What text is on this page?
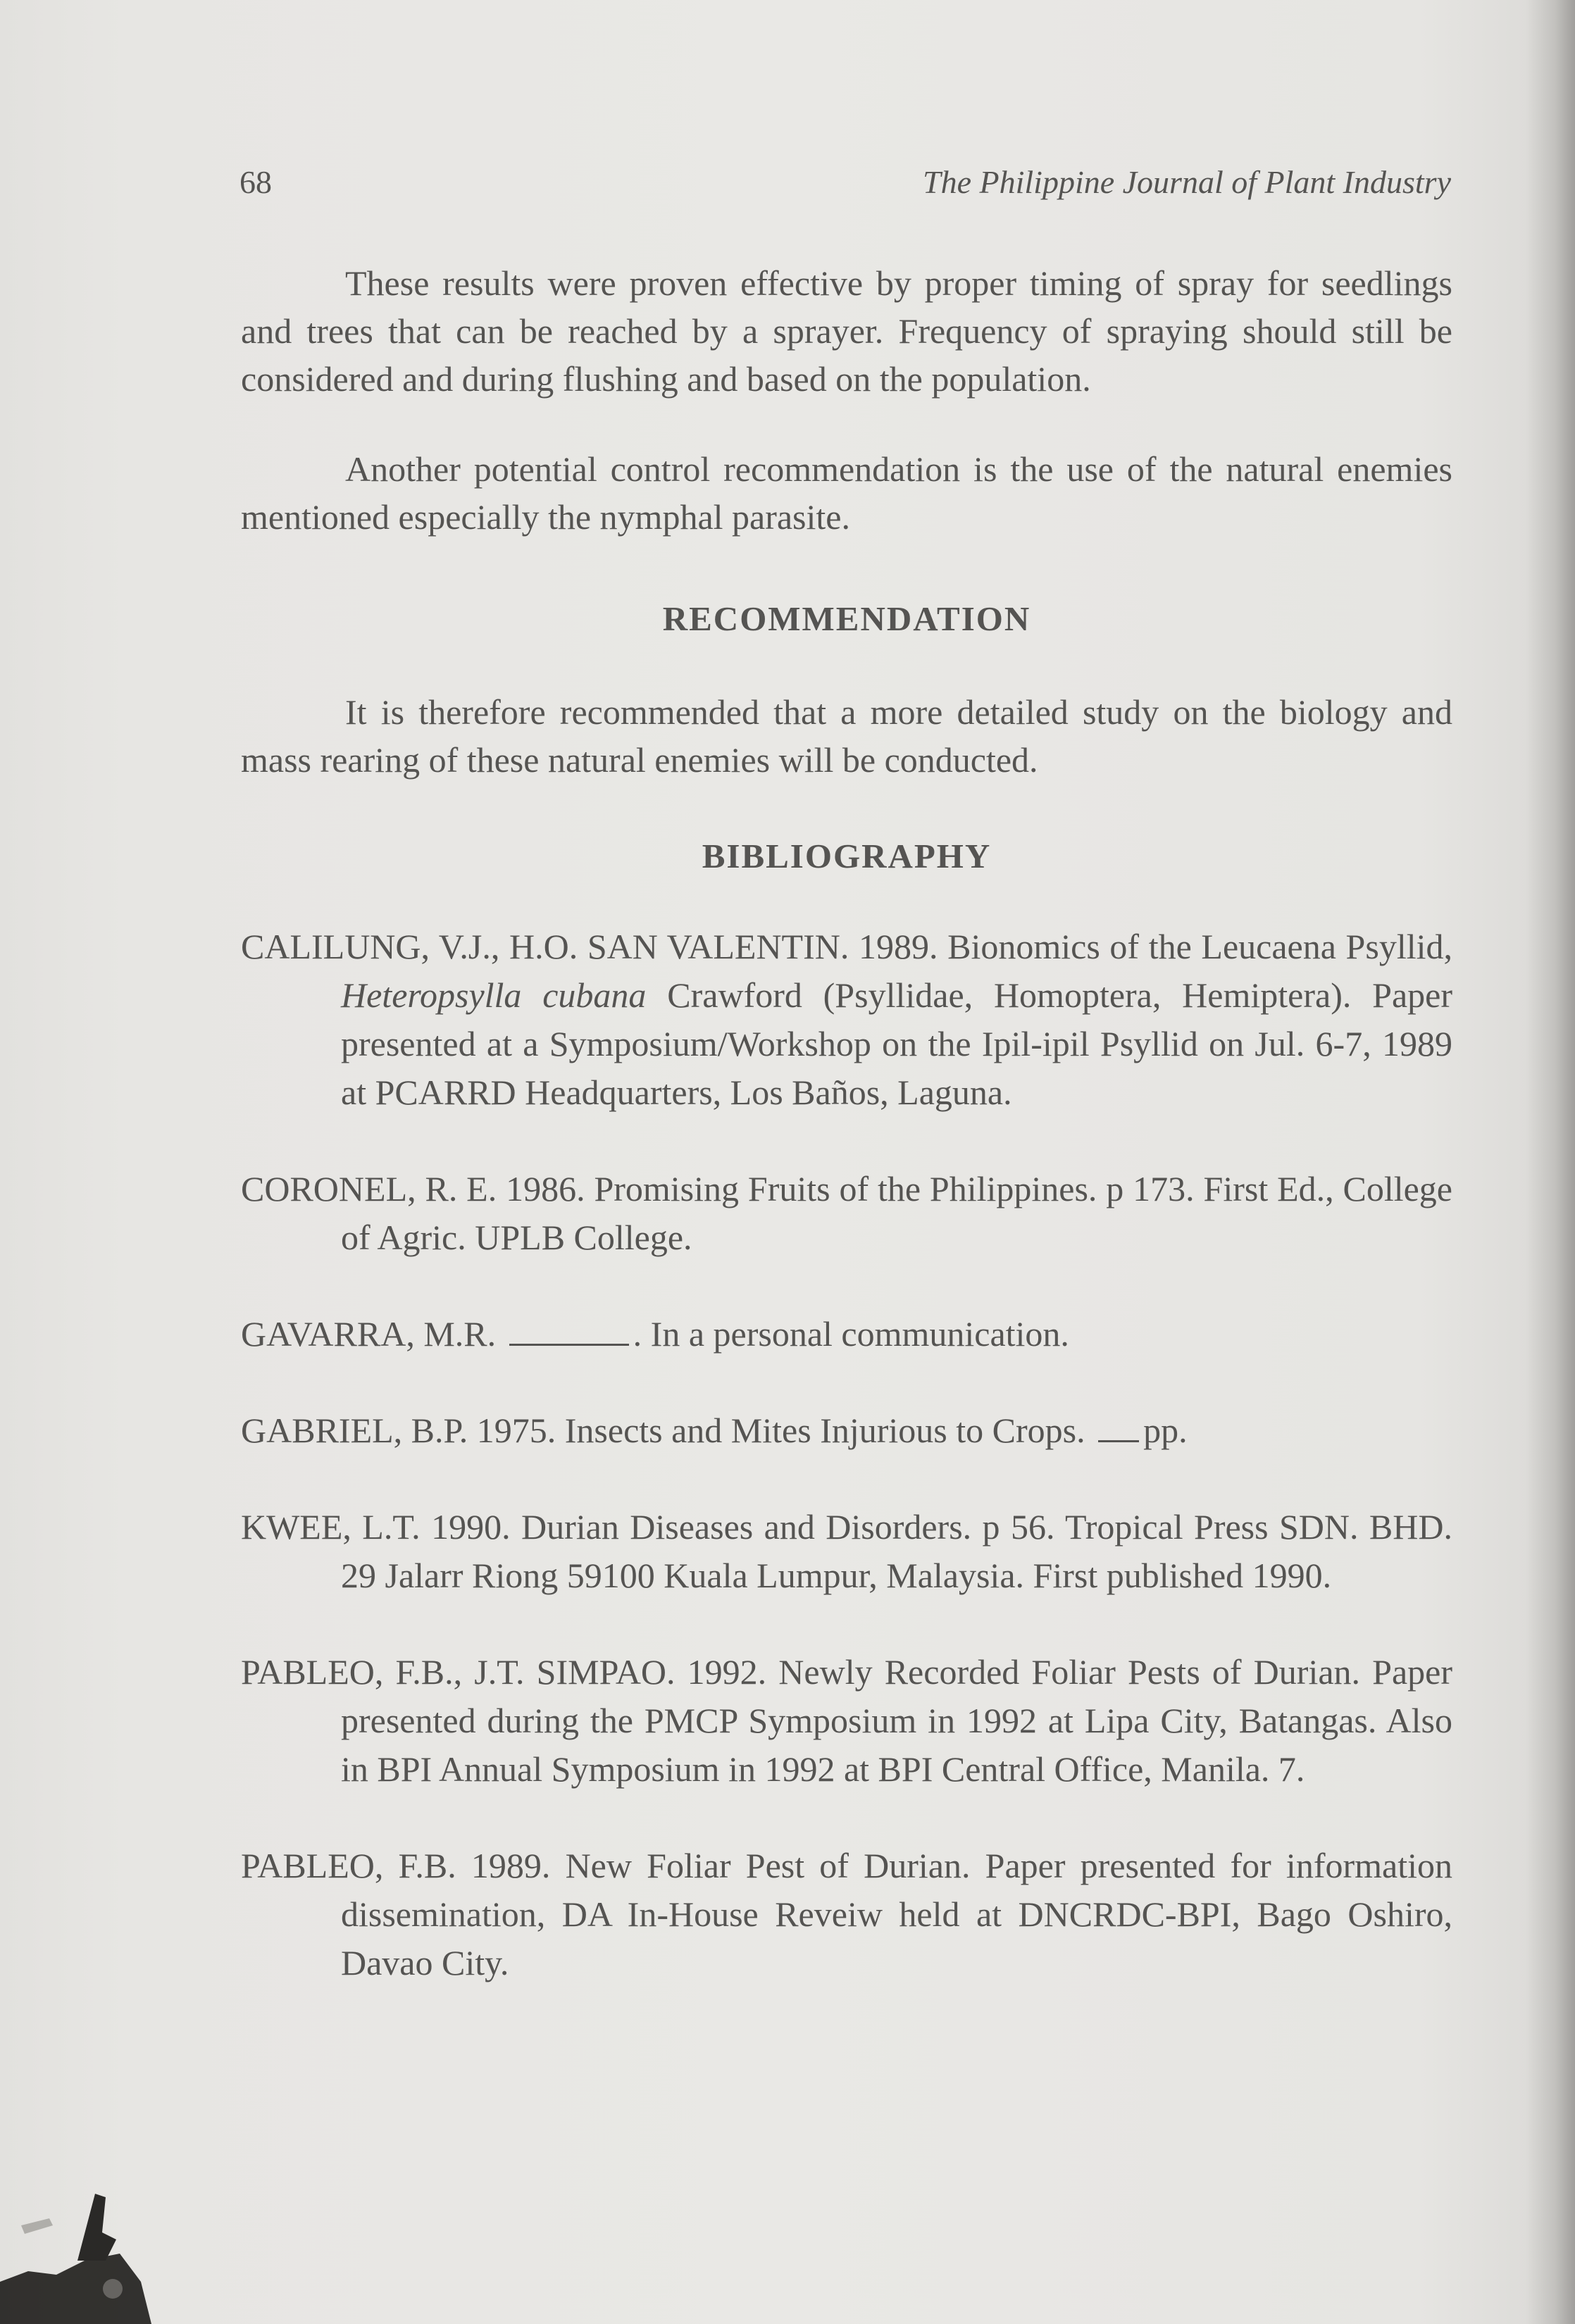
68	The Philippine Journal of Plant Industry

These results were proven effective by proper timing of spray for seedlings and trees that can be reached by a sprayer. Frequency of spraying should still be considered and during flushing and based on the population.

Another potential control recommendation is the use of the natural enemies mentioned especially the nymphal parasite.

RECOMMENDATION

It is therefore recommended that a more detailed study on the biology and mass rearing of these natural enemies will be conducted.

BIBLIOGRAPHY

CALILUNG, V.J., H.O. SAN VALENTIN. 1989. Bionomics of the Leucaena Psyllid, Heteropsylla cubana Crawford (Psyllidae, Homoptera, Hemiptera). Paper presented at a Symposium/Workshop on the Ipil-ipil Psyllid on Jul. 6-7, 1989 at PCARRD Headquarters, Los Baños, Laguna.

CORONEL, R. E. 1986. Promising Fruits of the Philippines. p 173. First Ed., College of Agric. UPLB College.

GAVARRA, M.R.	. In a personal communication.

GABRIEL, B.P. 1975. Insects and Mites Injurious to Crops. pp.

KWEE, L.T. 1990. Durian Diseases and Disorders. p 56. Tropical Press SDN. BHD. 29 Jalarr Riong 59100 Kuala Lumpur, Malaysia. First published 1990.

PABLEO, F.B., J.T. SIMPAO. 1992. Newly Recorded Foliar Pests of Durian. Paper presented during the PMCP Symposium in 1992 at Lipa City, Batangas. Also in BPI Annual Symposium in 1992 at BPI Central Office, Manila. 7.

PABLEO, F.B. 1989. New Foliar Pest of Durian. Paper presented for information dissemination, DA In-House Reveiw held at DNCRDC-BPI, Bago Oshiro, Davao City.
